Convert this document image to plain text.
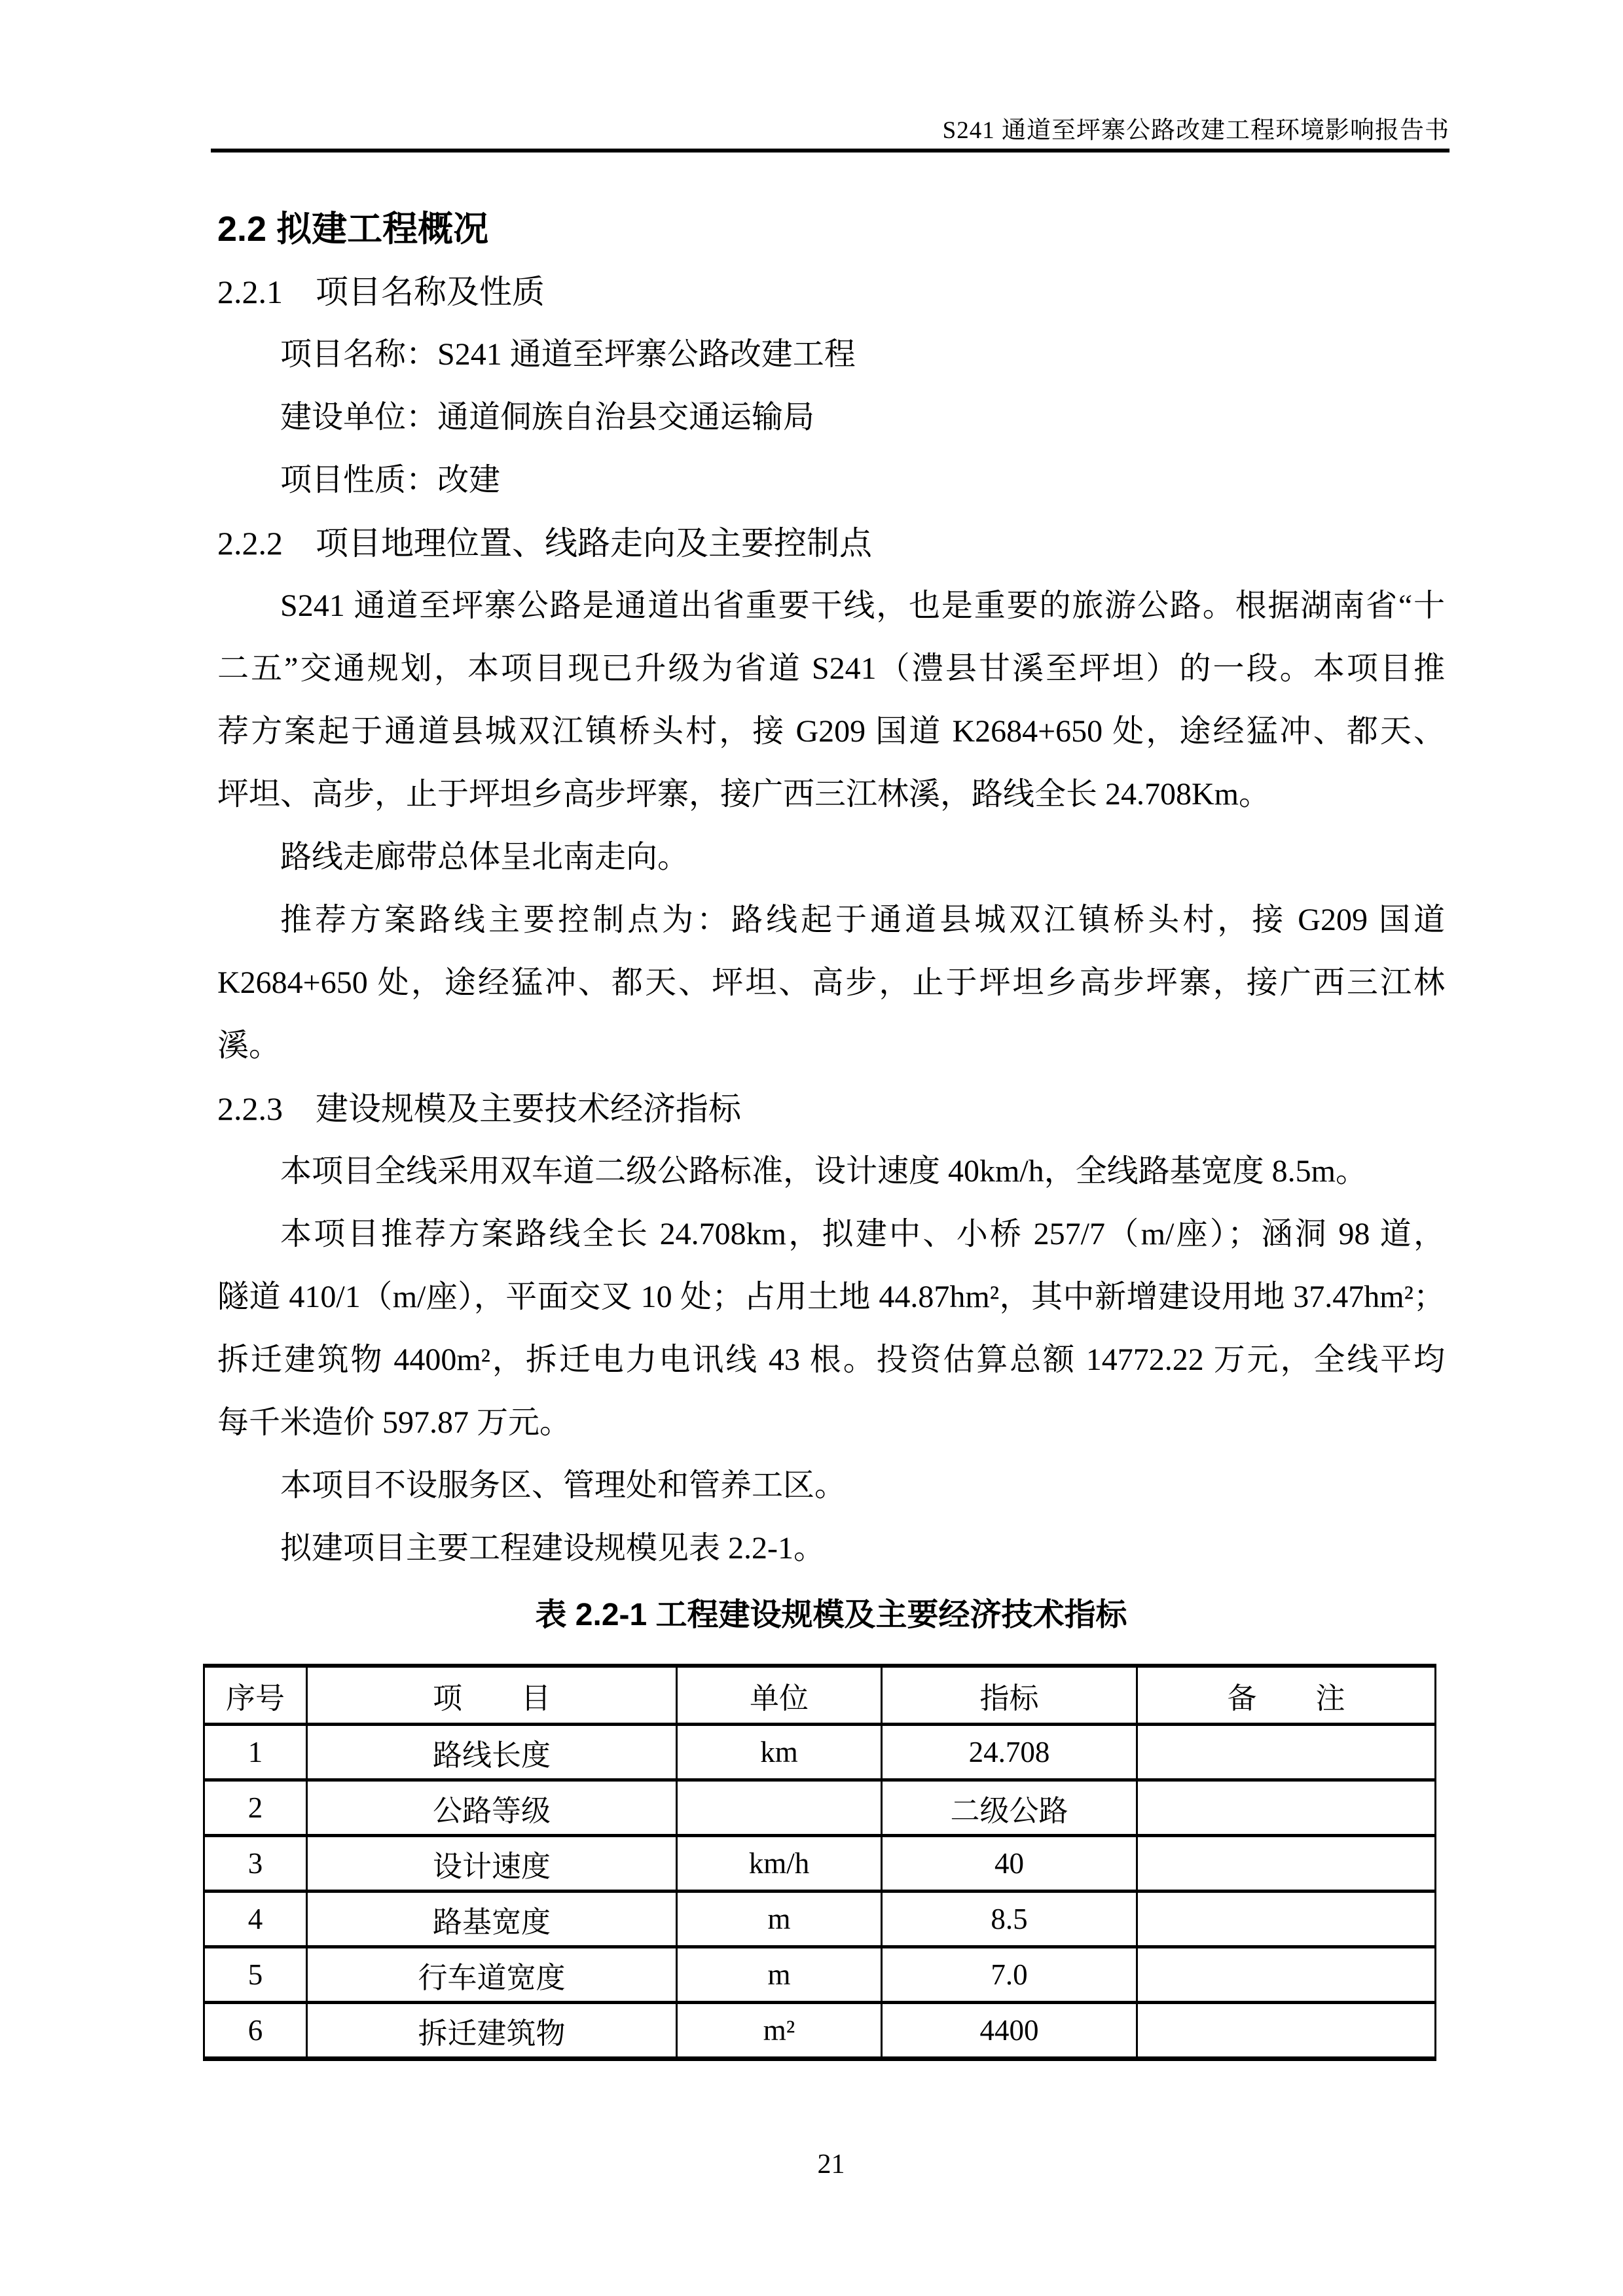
S241 通道至坪寨公路改建工程环境影响报告书
2.2 拟建工程概况
2.2.1　项目名称及性质
项目名称：S241 通道至坪寨公路改建工程
建设单位：通道侗族自治县交通运输局
项目性质：改建
2.2.2　项目地理位置、线路走向及主要控制点
S241 通道至坪寨公路是通道出省重要干线，也是重要的旅游公路。根据湖南省“十
二五”交通规划，本项目现已升级为省道 S241（澧县甘溪至坪坦）的一段。本项目推
荐方案起于通道县城双江镇桥头村，接 G209 国道 K2684+650 处，途经猛冲、都天、
坪坦、高步，止于坪坦乡高步坪寨，接广西三江林溪，路线全长 24.708Km。
路线走廊带总体呈北南走向。
推荐方案路线主要控制点为：路线起于通道县城双江镇桥头村，接 G209 国道
K2684+650 处，途经猛冲、都天、坪坦、高步，止于坪坦乡高步坪寨，接广西三江林
溪。
2.2.3　建设规模及主要技术经济指标
本项目全线采用双车道二级公路标准，设计速度 40km/h，全线路基宽度 8.5m。
本项目推荐方案路线全长 24.708km，拟建中、小桥 257/7（m/座）；涵洞 98 道，
隧道 410/1（m/座），平面交叉 10 处；占用土地 44.87hm²，其中新增建设用地 37.47hm²；
拆迁建筑物 4400m²，拆迁电力电讯线 43 根。投资估算总额 14772.22 万元，全线平均
每千米造价 597.87 万元。
本项目不设服务区、管理处和管养工区。
拟建项目主要工程建设规模见表 2.2-1。
表 2.2-1 工程建设规模及主要经济技术指标
序号	项　　目	单位	指标	备　　注
1	路线长度	km	24.708	
2	公路等级		二级公路	
3	设计速度	km/h	40	
4	路基宽度	m	8.5	
5	行车道宽度	m	7.0	
6	拆迁建筑物	m²	4400	
21
